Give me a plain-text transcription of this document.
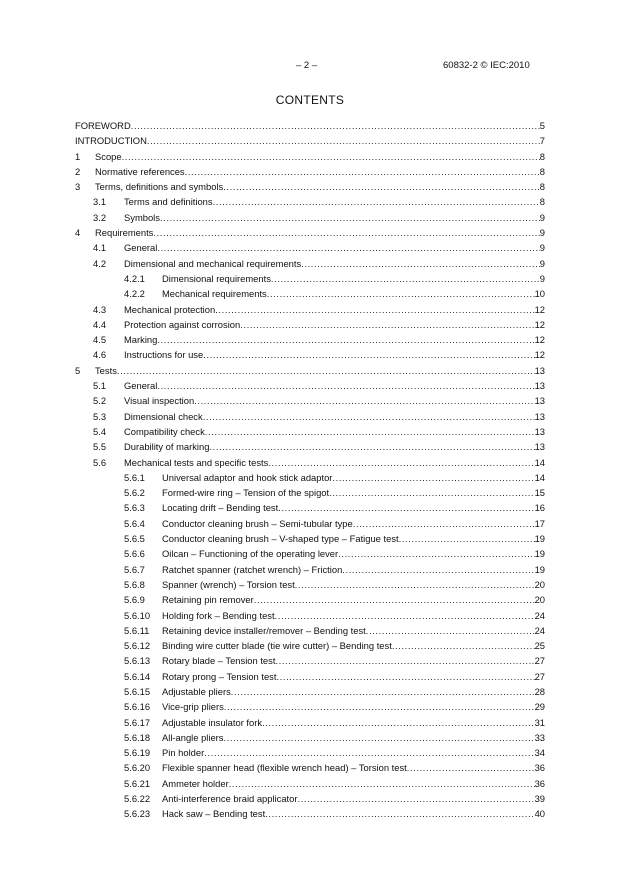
– 2 –	60832-2 © IEC:2010
CONTENTS
FOREWORD .....	5
INTRODUCTION .....	7
1 Scope .....	8
2 Normative references .....	8
3 Terms, definitions and symbols .....	8
3.1 Terms and definitions .....	8
3.2 Symbols .....	9
4 Requirements .....	9
4.1 General .....	9
4.2 Dimensional and mechanical requirements .....	9
4.2.1 Dimensional requirements .....	9
4.2.2 Mechanical requirements .....	10
4.3 Mechanical protection .....	12
4.4 Protection against corrosion .....	12
4.5 Marking .....	12
4.6 Instructions for use .....	12
5 Tests .....	13
5.1 General .....	13
5.2 Visual inspection .....	13
5.3 Dimensional check .....	13
5.4 Compatibility check .....	13
5.5 Durability of marking .....	13
5.6 Mechanical tests and specific tests .....	14
5.6.1 Universal adaptor and hook stick adaptor .....	14
5.6.2 Formed-wire ring – Tension of the spigot .....	15
5.6.3 Locating drift – Bending test .....	16
5.6.4 Conductor cleaning brush – Semi-tubular type .....	17
5.6.5 Conductor cleaning brush – V-shaped type – Fatigue test .....	19
5.6.6 Oilcan – Functioning of the operating lever .....	19
5.6.7 Ratchet spanner (ratchet wrench) – Friction .....	19
5.6.8 Spanner (wrench) – Torsion test .....	20
5.6.9 Retaining pin remover .....	20
5.6.10 Holding fork – Bending test .....	24
5.6.11 Retaining device installer/remover – Bending test .....	24
5.6.12 Binding wire cutter blade (tie wire cutter) – Bending test .....	25
5.6.13 Rotary blade – Tension test .....	27
5.6.14 Rotary prong – Tension test .....	27
5.6.15 Adjustable pliers .....	28
5.6.16 Vice-grip pliers .....	29
5.6.17 Adjustable insulator fork .....	31
5.6.18 All-angle pliers .....	33
5.6.19 Pin holder .....	34
5.6.20 Flexible spanner head (flexible wrench head) – Torsion test .....	36
5.6.21 Ammeter holder .....	36
5.6.22 Anti-interference braid applicator .....	39
5.6.23 Hack saw – Bending test .....	40
